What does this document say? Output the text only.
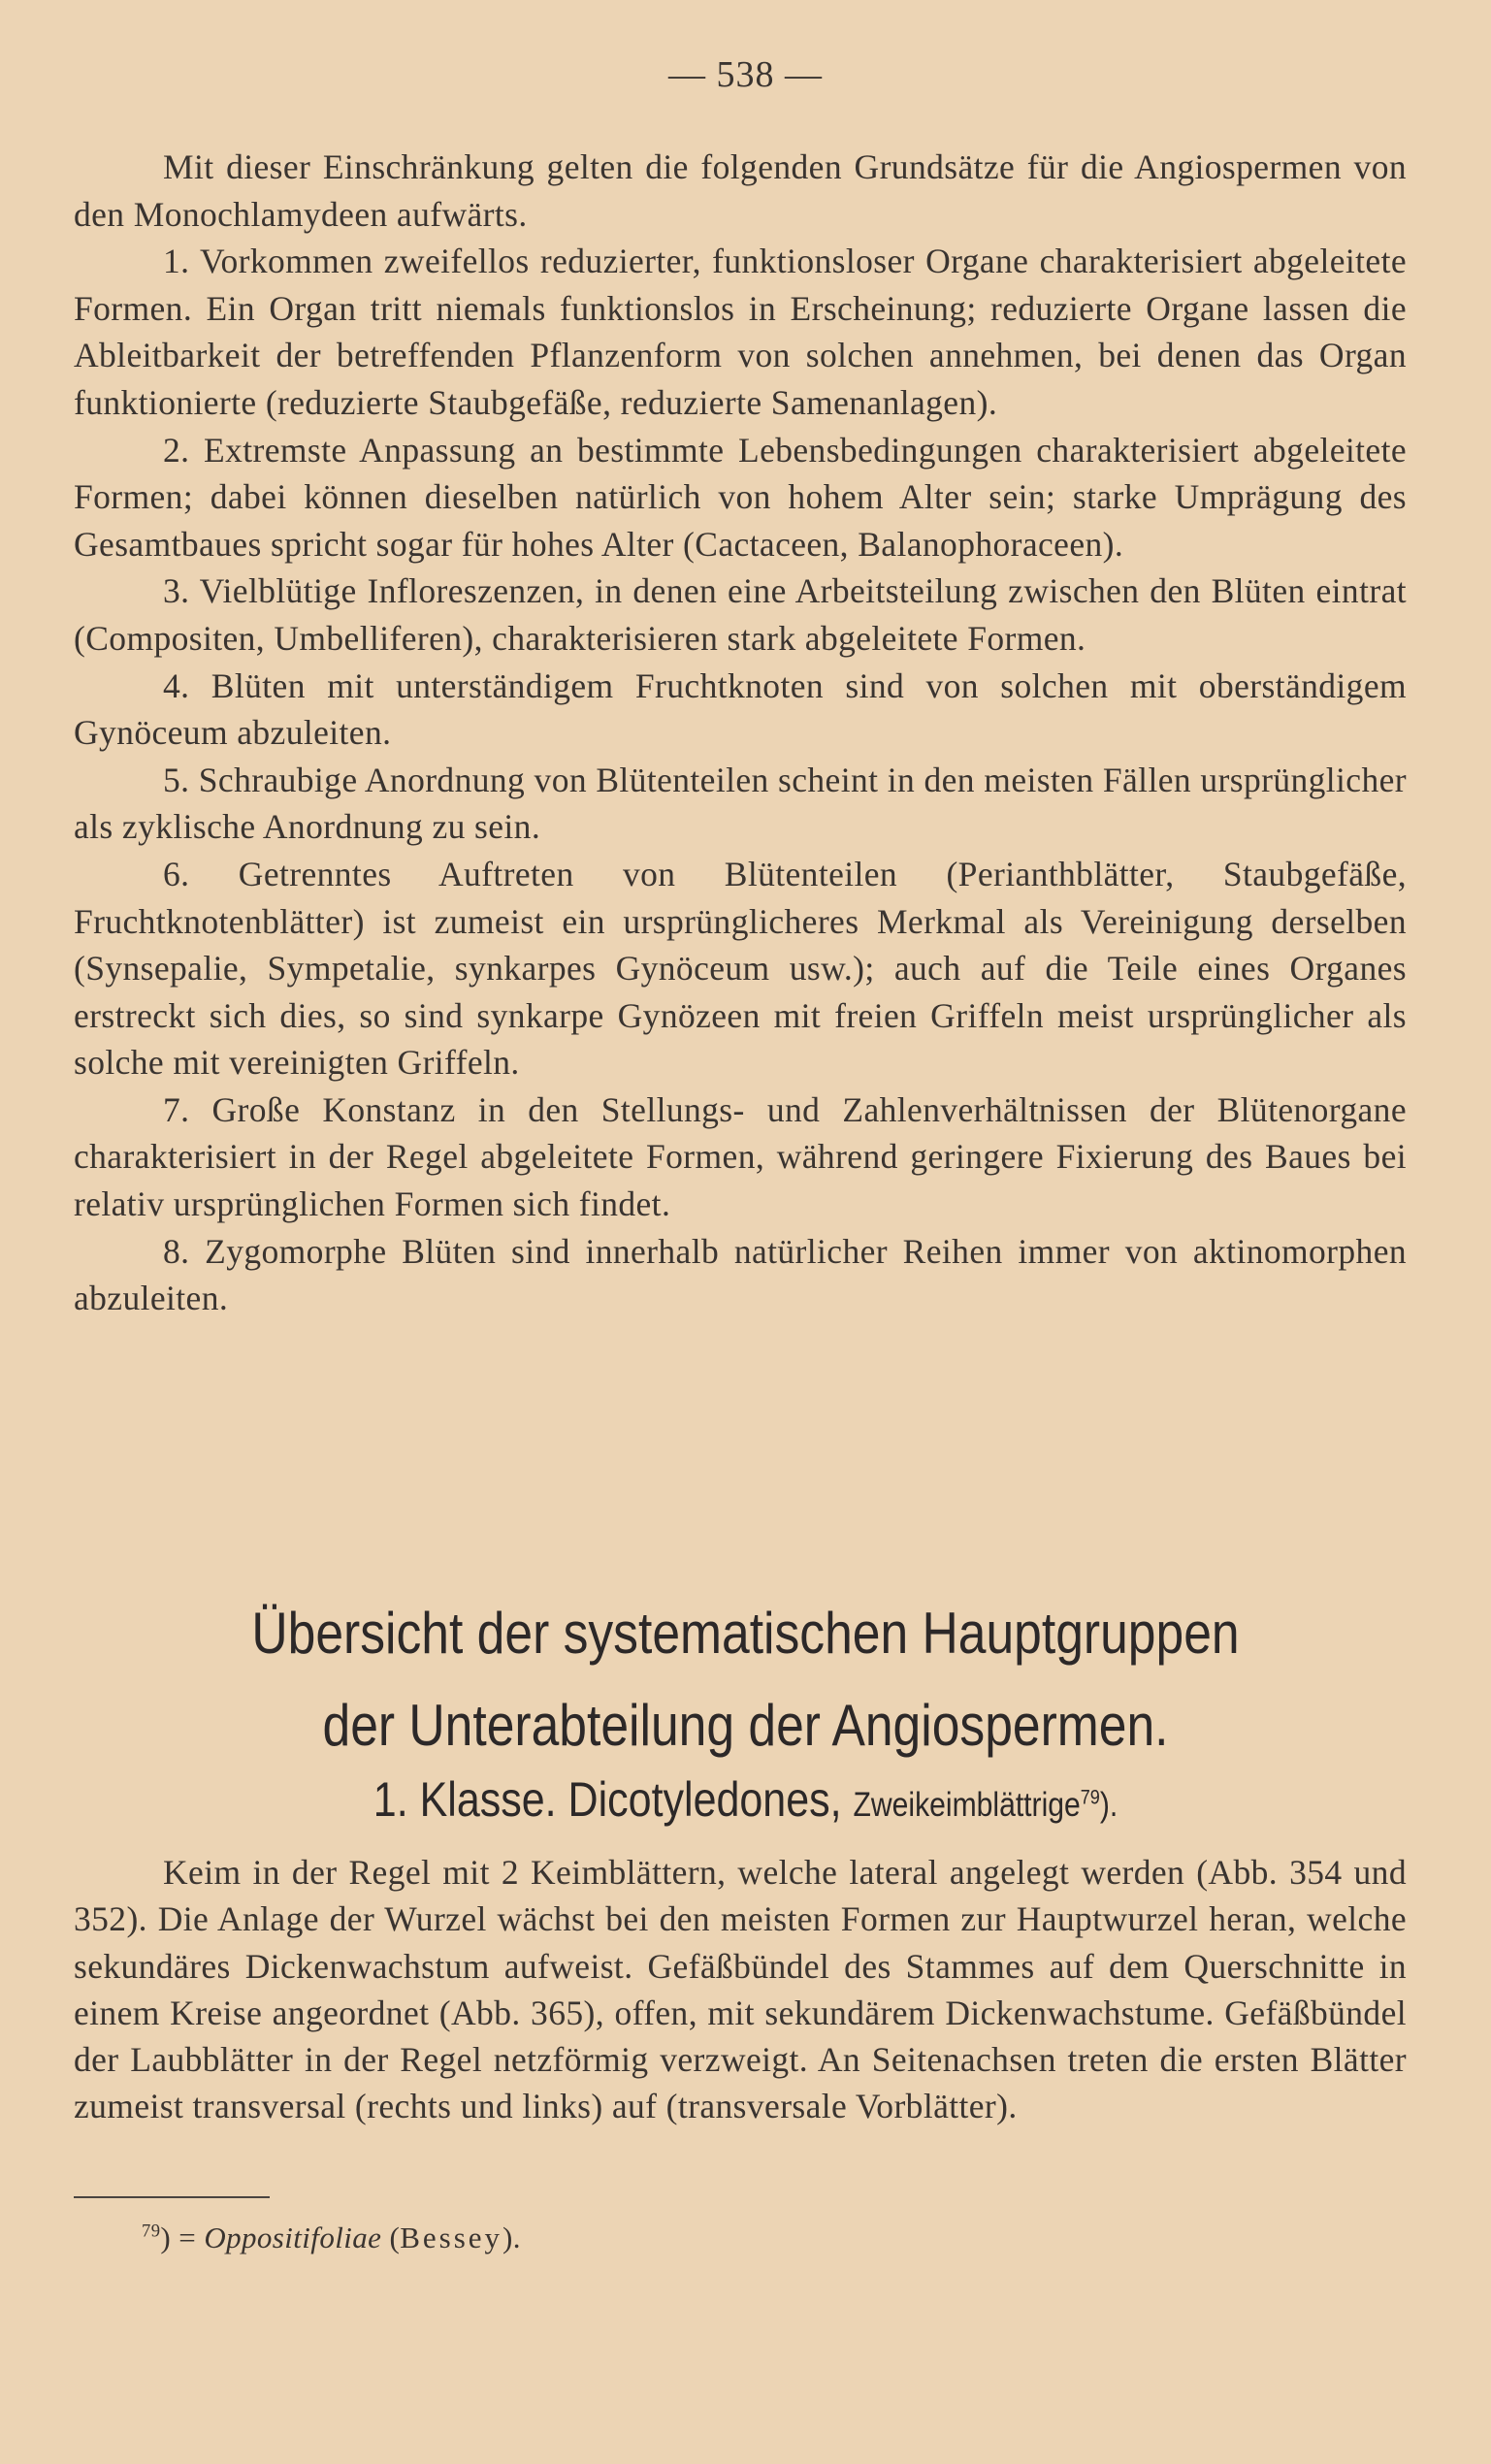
— 538 —

Mit dieser Einschränkung gelten die folgenden Grundsätze für die Angiospermen von den Monochlamydeen aufwärts.

1. Vorkommen zweifellos reduzierter, funktionsloser Organe charakterisiert abgeleitete Formen. Ein Organ tritt niemals funktionslos in Erscheinung; reduzierte Organe lassen die Ableitbarkeit der betreffenden Pflanzenform von solchen annehmen, bei denen das Organ funktionierte (reduzierte Staubgefäße, reduzierte Samenanlagen).

2. Extremste Anpassung an bestimmte Lebensbedingungen charakterisiert abgeleitete Formen; dabei können dieselben natürlich von hohem Alter sein; starke Umprägung des Gesamtbaues spricht sogar für hohes Alter (Cactaceen, Balanophoraceen).

3. Vielblütige Infloreszenzen, in denen eine Arbeitsteilung zwischen den Blüten eintrat (Compositen, Umbelliferen), charakterisieren stark abgeleitete Formen.

4. Blüten mit unterständigem Fruchtknoten sind von solchen mit oberständigem Gynöceum abzuleiten.

5. Schraubige Anordnung von Blütenteilen scheint in den meisten Fällen ursprünglicher als zyklische Anordnung zu sein.

6. Getrenntes Auftreten von Blütenteilen (Perianthblätter, Staubgefäße, Fruchtknotenblätter) ist zumeist ein ursprünglicheres Merkmal als Vereinigung derselben (Synsepalie, Sympetalie, synkarpes Gynöceum usw.); auch auf die Teile eines Organes erstreckt sich dies, so sind synkarpe Gynözeen mit freien Griffeln meist ursprünglicher als solche mit vereinigten Griffeln.

7. Große Konstanz in den Stellungs- und Zahlenverhältnissen der Blütenorgane charakterisiert in der Regel abgeleitete Formen, während geringere Fixierung des Baues bei relativ ursprünglichen Formen sich findet.

8. Zygomorphe Blüten sind innerhalb natürlicher Reihen immer von aktinomorphen abzuleiten.

Übersicht der systematischen Hauptgruppen
der Unterabteilung der Angiospermen.
1. Klasse. Dicotyledones, Zweikeimblättrige$^{79}$).

Keim in der Regel mit 2 Keimblättern, welche lateral angelegt werden (Abb. 354 und 352). Die Anlage der Wurzel wächst bei den meisten Formen zur Hauptwurzel heran, welche sekundäres Dickenwachstum aufweist. Gefäßbündel des Stammes auf dem Querschnitte in einem Kreise angeordnet (Abb. 365), offen, mit sekundärem Dickenwachstume. Gefäßbündel der Laubblätter in der Regel netzförmig verzweigt. An Seitenachsen treten die ersten Blätter zumeist transversal (rechts und links) auf (transversale Vorblätter).

$^{79}$) = Oppositifoliae (Bessey).
